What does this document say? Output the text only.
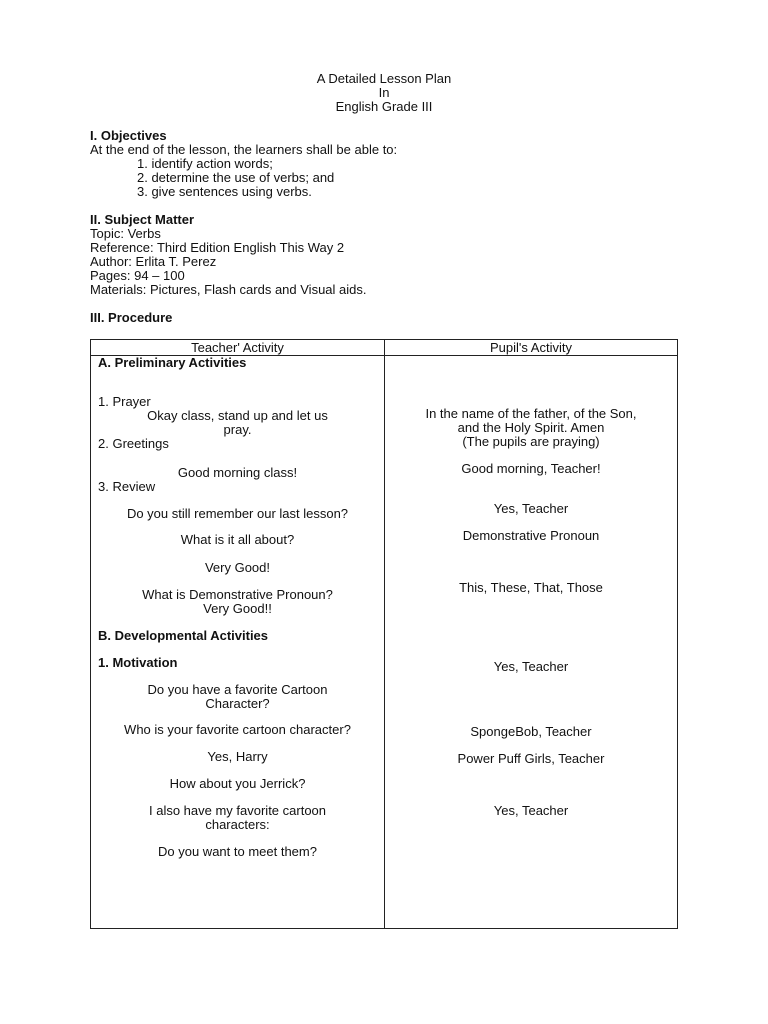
A Detailed Lesson Plan
In
English Grade III
I. Objectives
At the end of the lesson, the learners shall be able to:
1. identify action words;
2. determine the use of verbs; and
3. give sentences using verbs.
II. Subject Matter
Topic: Verbs
Reference: Third Edition English This Way 2
Author: Erlita T. Perez
Pages: 94 – 100
Materials: Pictures, Flash cards and Visual aids.
III. Procedure
Teacher' Activity	Pupil's Activity
A. Preliminary Activities
1. Prayer
Okay class, stand up and let us
pray.
2. Greetings
Good morning class!
3. Review
Do you still remember our last lesson?
What is it all about?
Very Good!
What is Demonstrative Pronoun?
Very Good!!
B. Developmental Activities
1. Motivation
Do you have a favorite Cartoon
Character?
Who is your favorite cartoon character?
Yes, Harry
How about you Jerrick?
I also have my favorite cartoon
characters:
Do you want to meet them?
In the name of the father, of the Son,
and the Holy Spirit. Amen
(The pupils are praying)
Good morning, Teacher!
Yes, Teacher
Demonstrative Pronoun
This, These, That, Those
Yes, Teacher
SpongeBob, Teacher
Power Puff Girls, Teacher
Yes, Teacher
